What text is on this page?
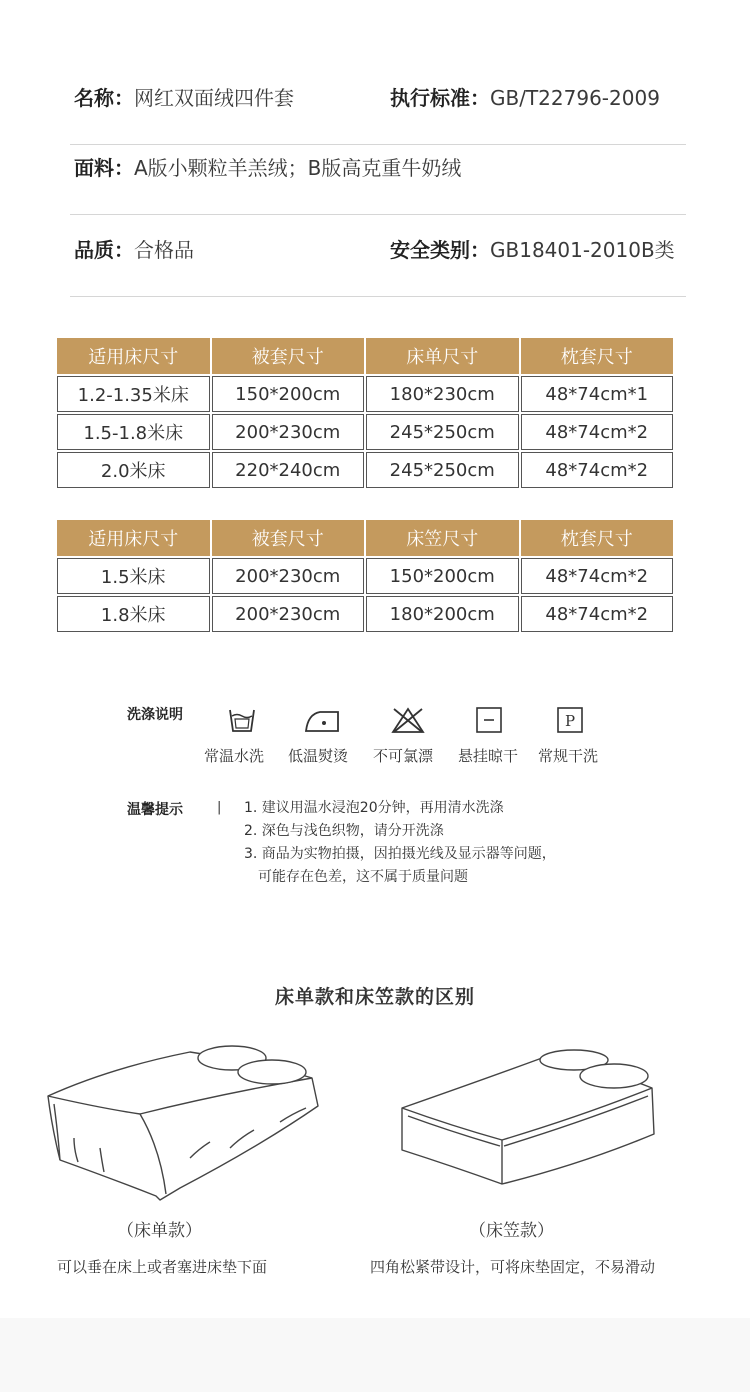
名称：网红双面绒四件套	执行标准：GB/T22796-2009
面料：A版小颗粒羊羔绒；B版高克重牛奶绒
品质：合格品	安全类别：GB18401-2010B类
适用床尺寸	被套尺寸	床单尺寸	枕套尺寸
1.2-1.35米床	150*200cm	180*230cm	48*74cm*1
1.5-1.8米床	200*230cm	245*250cm	48*74cm*2
2.0米床	220*240cm	245*250cm	48*74cm*2
适用床尺寸	被套尺寸	床笠尺寸	枕套尺寸
1.5米床	200*230cm	150*200cm	48*74cm*2
1.8米床	200*230cm	180*200cm	48*74cm*2
洗涤说明	P
常温水洗 低温熨烫 不可氯漂 悬挂晾干 常规干洗
温馨提示	| 1. 建议用温水浸泡20分钟，再用清水洗涤
2. 深色与浅色织物，请分开洗涤
3. 商品为实物拍摄，因拍摄光线及显示器等问题，
可能存在色差，这不属于质量问题
床单款和床笠款的区别
（床单款）	（床笠款）
可以垂在床上或者塞进床垫下面	四角松紧带设计，可将床垫固定，不易滑动
